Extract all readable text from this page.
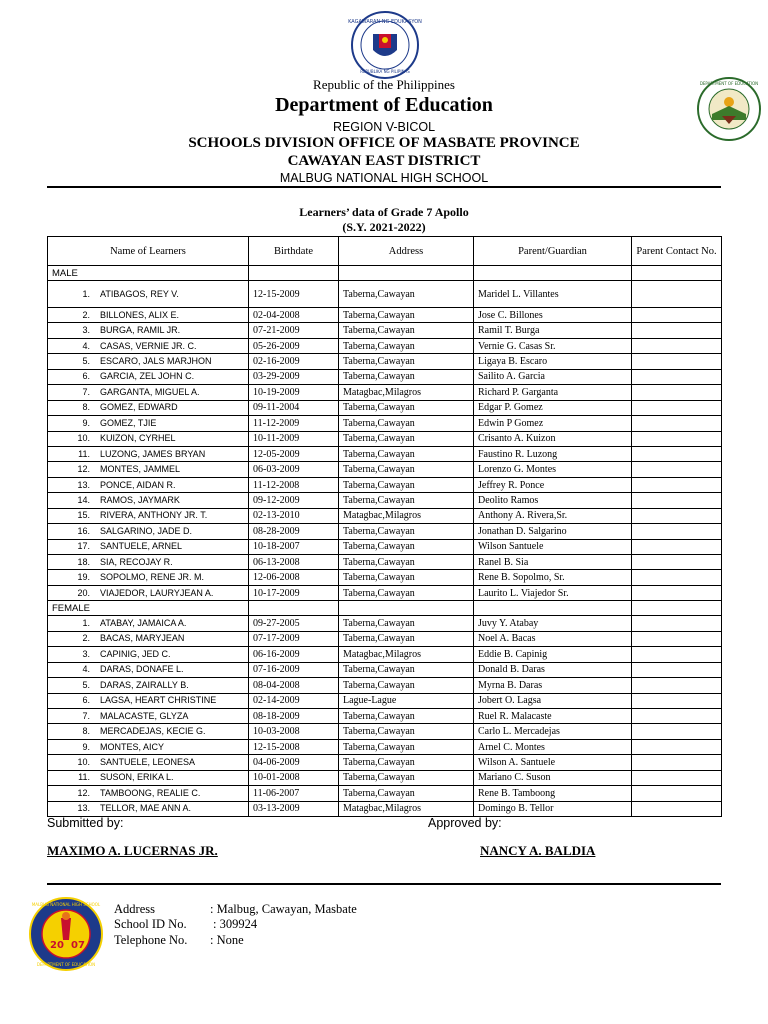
KAGAWARAN NG EDUKASYON
REPUBLIKA NG PILIPINAS
DEPARTMENT OF EDUCATION
Republic of the Philippines
Department of Education
REGION V-BICOL
SCHOOLS DIVISION OFFICE OF MASBATE PROVINCE
CAWAYAN EAST DISTRICT
MALBUG NATIONAL HIGH SCHOOL
Learners’ data of Grade 7 Apollo
(S.Y. 2021-2022)
Name of Learners	Birthdate	Address	Parent/Guardian	Parent Contact No.
MALE				
1. ATIBAGOS, REY V.	12-15-2009	Taberna,Cawayan	Maridel L. Villantes	
2. BILLONES, ALIX E.	02-04-2008	Taberna,Cawayan	Jose C. Billones	
3. BURGA, RAMIL JR.	07-21-2009	Taberna,Cawayan	Ramil T. Burga	
4. CASAS, VERNIE JR. C.	05-26-2009	Taberna,Cawayan	Vernie G. Casas Sr.	
5. ESCARO, JALS MARJHON	02-16-2009	Taberna,Cawayan	Ligaya B. Escaro	
6. GARCIA, ZEL JOHN C.	03-29-2009	Taberna,Cawayan	Sailito A. Garcia	
7. GARGANTA, MIGUEL A.	10-19-2009	Matagbac,Milagros	Richard P. Garganta	
8. GOMEZ, EDWARD	09-11-2004	Taberna,Cawayan	Edgar P. Gomez	
9. GOMEZ, TJIE	11-12-2009	Taberna,Cawayan	Edwin P Gomez	
10. KUIZON, CYRHEL	10-11-2009	Taberna,Cawayan	Crisanto A. Kuizon	
11. LUZONG, JAMES BRYAN	12-05-2009	Taberna,Cawayan	Faustino R. Luzong	
12. MONTES, JAMMEL	06-03-2009	Taberna,Cawayan	Lorenzo G. Montes	
13. PONCE, AIDAN R.	11-12-2008	Taberna,Cawayan	Jeffrey R. Ponce	
14. RAMOS, JAYMARK	09-12-2009	Taberna,Cawayan	Deolito Ramos	
15. RIVERA, ANTHONY JR. T.	02-13-2010	Matagbac,Milagros	Anthony A. Rivera,Sr.	
16. SALGARINO, JADE D.	08-28-2009	Taberna,Cawayan	Jonathan D. Salgarino	
17. SANTUELE, ARNEL	10-18-2007	Taberna,Cawayan	Wilson Santuele	
18. SIA, RECOJAY R.	06-13-2008	Taberna,Cawayan	Ranel B. Sia	
19. SOPOLMO, RENE JR. M.	12-06-2008	Taberna,Cawayan	Rene B. Sopolmo, Sr.	
20. VIAJEDOR, LAURYJEAN A.	10-17-2009	Taberna,Cawayan	Laurito L. Viajedor Sr.	
FEMALE				
1. ATABAY, JAMAICA A.	09-27-2005	Taberna,Cawayan	Juvy Y. Atabay	
2. BACAS, MARYJEAN	07-17-2009	Taberna,Cawayan	Noel A. Bacas	
3. CAPINIG, JED C.	06-16-2009	Matagbac,Milagros	Eddie B. Capinig	
4. DARAS, DONAFE L.	07-16-2009	Taberna,Cawayan	Donald B. Daras	
5. DARAS, ZAIRALLY B.	08-04-2008	Taberna,Cawayan	Myrna B. Daras	
6. LAGSA, HEART CHRISTINE	02-14-2009	Lague-Lague	Jobert O. Lagsa	
7. MALACASTE, GLYZA	08-18-2009	Taberna,Cawayan	Ruel R. Malacaste	
8. MERCADEJAS, KECIE G.	10-03-2008	Taberna,Cawayan	Carlo L. Mercadejas	
9. MONTES, AICY	12-15-2008	Taberna,Cawayan	Arnel C. Montes	
10. SANTUELE, LEONESA	04-06-2009	Taberna,Cawayan	Wilson A. Santuele	
11. SUSON, ERIKA L.	10-01-2008	Taberna,Cawayan	Mariano C. Suson	
12. TAMBOONG, REALIE C.	11-06-2007	Taberna,Cawayan	Rene B. Tamboong	
13. TELLOR, MAE ANN A.	03-13-2009	Matagbac,Milagros	Domingo B. Tellor	
Submitted by:	Approved by:
MAXIMO A. LUCERNAS JR.	NANCY A. BALDIA
20 07
MALBUG NATIONAL HIGH SCHOOL
DEPARTMENT OF EDUCATION
Address	: Malbug, Cawayan, Masbate
School ID No. : 309924
Telephone No. : None
